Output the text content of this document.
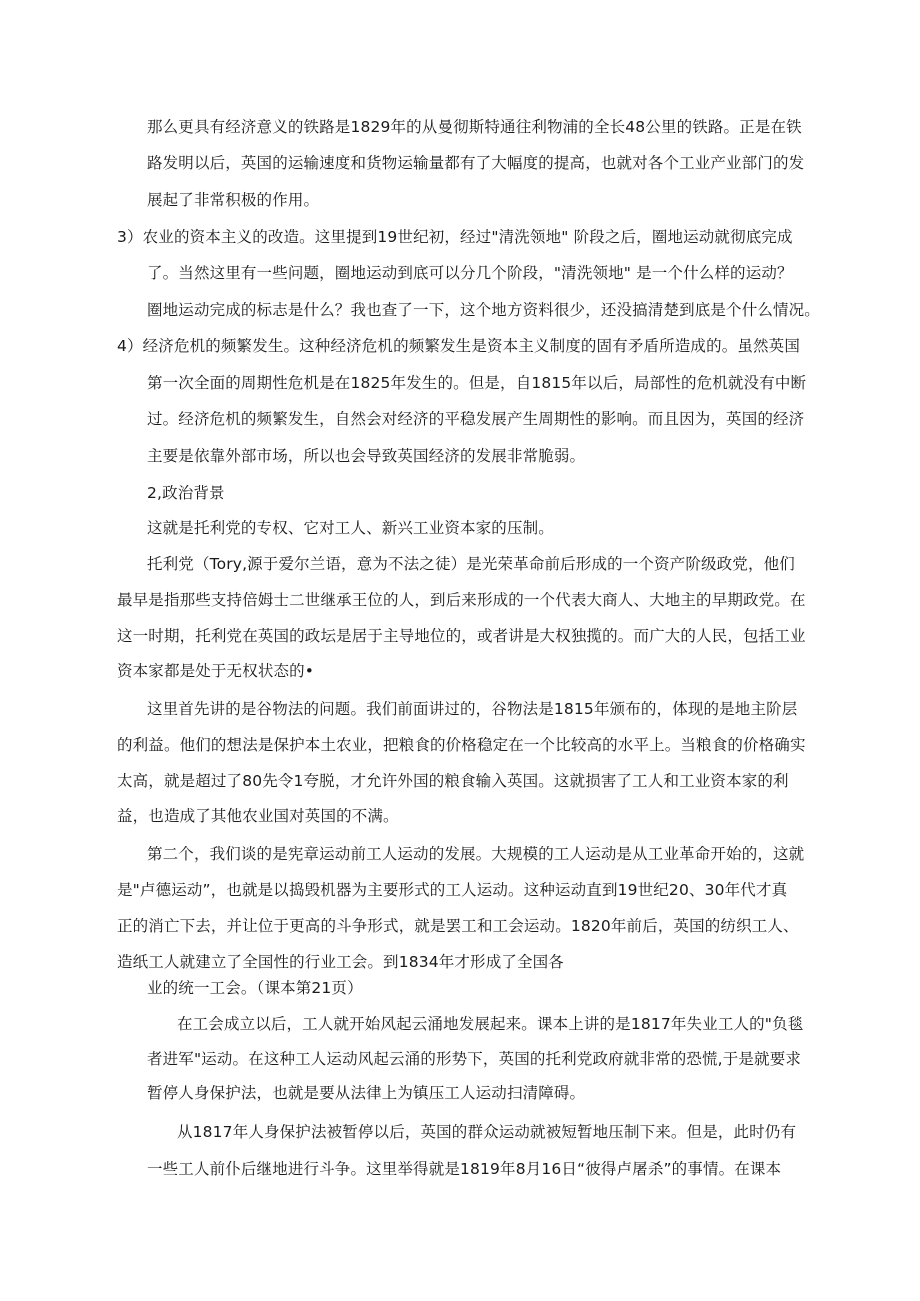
那么更具有经济意义的铁路是1829年的从曼彻斯特通往利物浦的全长48公里的铁路。正是在铁
路发明以后，英国的运输速度和货物运输量都有了大幅度的提高，也就对各个工业产业部门的发
展起了非常积极的作用。
3）农业的资本主义的改造。这里提到19世纪初，经过"清洗领地" 阶段之后，圈地运动就彻底完成
了。当然这里有一些问题，圈地运动到底可以分几个阶段，"清洗领地" 是一个什么样的运动？
圈地运动完成的标志是什么？我也查了一下，这个地方资料很少，还没搞清楚到底是个什么情况。
4）经济危机的频繁发生。这种经济危机的频繁发生是资本主义制度的固有矛盾所造成的。虽然英国
第一次全面的周期性危机是在1825年发生的。但是，自1815年以后，局部性的危机就没有中断
过。经济危机的频繁发生，自然会对经济的平稳发展产生周期性的影响。而且因为，英国的经济
主要是依靠外部市场，所以也会导致英国经济的发展非常脆弱。
2,政治背景
这就是托利党的专权、它对工人、新兴工业资本家的压制。
托利党（Tory,源于爱尔兰语，意为不法之徒）是光荣革命前后形成的一个资产阶级政党，他们
最早是指那些支持倍姆士二世继承王位的人，到后来形成的一个代表大商人、大地主的早期政党。在
这一时期，托利党在英国的政坛是居于主导地位的，或者讲是大权独揽的。而广大的人民，包括工业
资本家都是处于无权状态的•
这里首先讲的是谷物法的问题。我们前面讲过的，谷物法是1815年颁布的，体现的是地主阶层
的利益。他们的想法是保护本土农业，把粮食的价格稳定在一个比较高的水平上。当粮食的价格确实
太高，就是超过了80先令1夸脱，才允许外国的粮食输入英国。这就损害了工人和工业资本家的利
益，也造成了其他农业国对英国的不满。
第二个，我们谈的是宪章运动前工人运动的发展。大规模的工人运动是从工业革命开始的，这就
是"卢德运动”，也就是以捣毁机器为主要形式的工人运动。这种运动直到19世纪20、30年代才真
正的消亡下去，并让位于更高的斗争形式，就是罢工和工会运动。1820年前后，英国的纺织工人、
造纸工人就建立了全国性的行业工会。到1834年才形成了全国各
业的统一工会。（课本第21页）
在工会成立以后，工人就开始风起云涌地发展起来。课本上讲的是1817年失业工人的"负毯
者进军"运动。在这种工人运动风起云涌的形势下，英国的托利党政府就非常的恐慌,于是就要求
暂停人身保护法，也就是要从法律上为镇压工人运动扫清障碍。
从1817年人身保护法被暂停以后，英国的群众运动就被短暂地压制下来。但是，此时仍有
一些工人前仆后继地进行斗争。这里举得就是1819年8月16日“彼得卢屠杀”的事情。在课本
